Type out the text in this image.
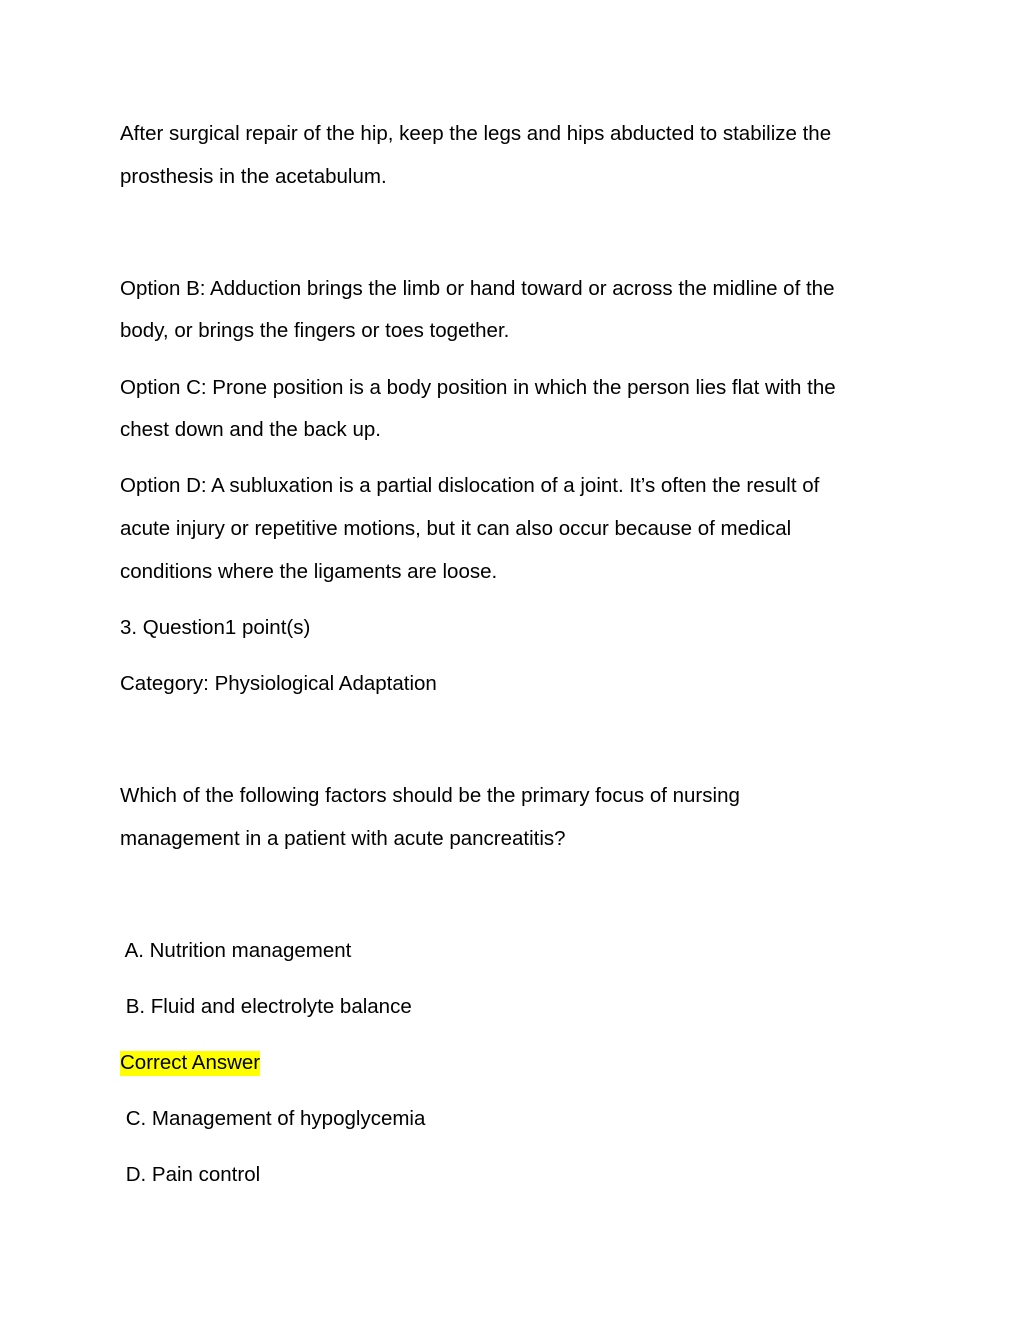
After surgical repair of the hip, keep the legs and hips abducted to stabilize the
prosthesis in the acetabulum.
Option B: Adduction brings the limb or hand toward or across the midline of the
body, or brings the fingers or toes together.
Option C: Prone position is a body position in which the person lies flat with the
chest down and the back up.
Option D: A subluxation is a partial dislocation of a joint. It’s often the result of
acute injury or repetitive motions, but it can also occur because of medical
conditions where the ligaments are loose.
3. Question1 point(s)
Category: Physiological Adaptation
Which of the following factors should be the primary focus of nursing
management in a patient with acute pancreatitis?
A. Nutrition management
B. Fluid and electrolyte balance
Correct Answer
C. Management of hypoglycemia
D. Pain control
